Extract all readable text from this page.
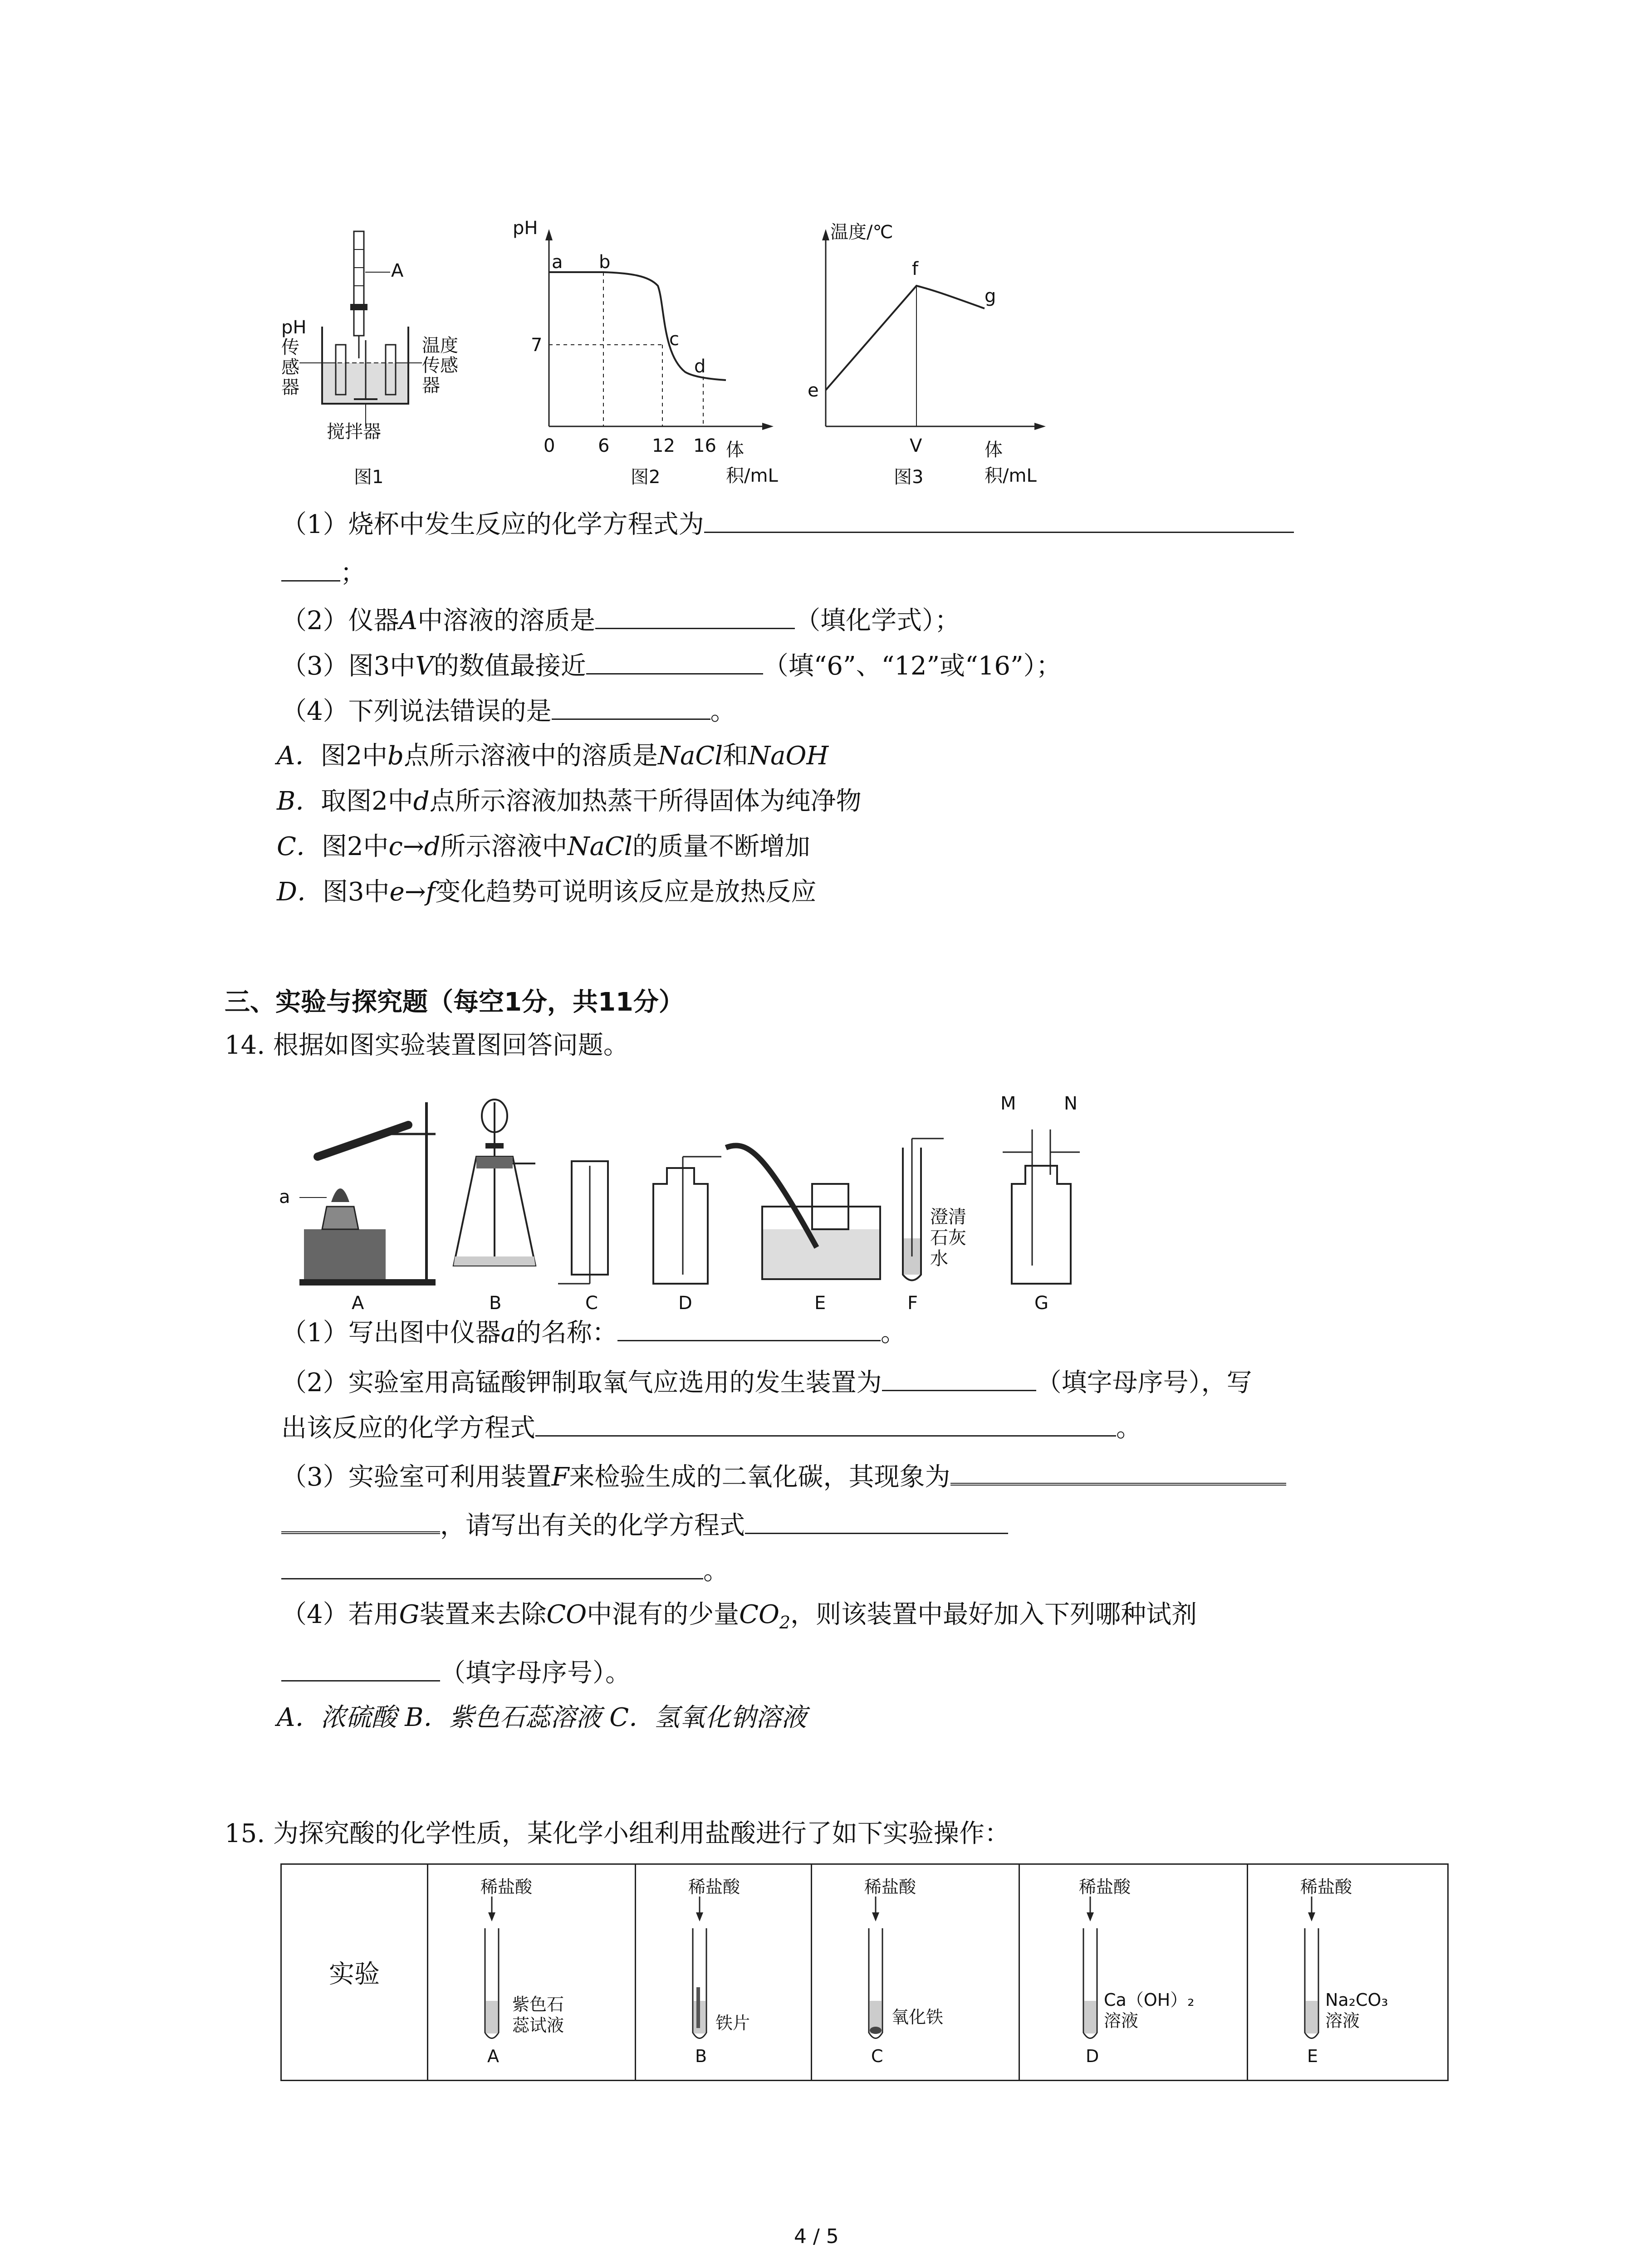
A
pH
传
感
器
温度
传感
器
搅拌器
图1
pH
a b
c
d
7
0 6 12 16 体积/mL
图2
温度/℃
e
f
g
V	体积/mL
图3
（1）烧杯中发生反应的化学方程式为
；
（2）仪器A中溶液的溶质是	（填化学式）；
（3）图3中V的数值最接近	（填“6”、“12”或“16”）；
（4）下列说法错误的是	。
A．图2中b点所示溶液中的溶质是NaCl和NaOH
B．取图2中d点所示溶液加热蒸干所得固体为纯净物
C．图2中c→d所示溶液中NaCl的质量不断增加
D．图3中e→f变化趋势可说明该反应是放热反应
三、实验与探究题（每空1分，共11分）
14. 根据如图实验装置图回答问题。
a
A	B	C	D	E	F	G
M	N
澄清
石灰
水
（1）写出图中仪器a的名称：	。
（2）实验室用高锰酸钾制取氧气应选用的发生装置为	（填字母序号），写
出该反应的化学方程式	。
（3）实验室可利用装置F来检验生成的二氧化碳，其现象为
，请写出有关的化学方程式
。
（4）若用G装置来去除CO中混有的少量$CO_2$，则该装置中最好加入下列哪种试剂
（填字母序号）。
A．浓硫酸 B．紫色石蕊溶液 C．氢氧化钠溶液
15. 为探究酸的化学性质，某化学小组利用盐酸进行了如下实验操作：
实验	
稀盐酸
紫色石
蕊试液
A

稀盐酸
铁片
B

稀盐酸
氧化铁
C

稀盐酸
Ca（OH）₂
溶液
D

稀盐酸
Na₂CO₃
溶液
E
4 / 5
